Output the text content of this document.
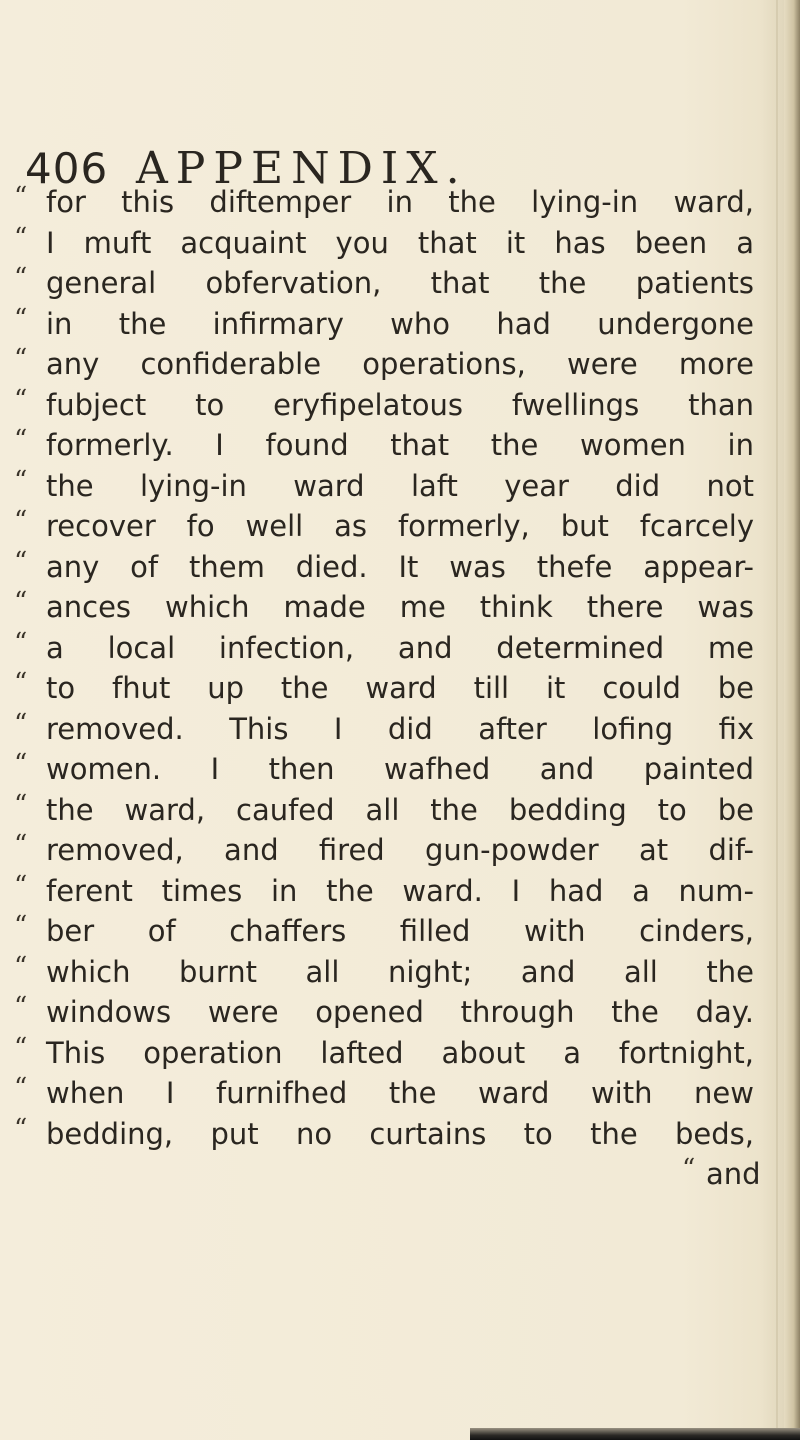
406 APPENDIX.
“ for this diftemper in the lying-in ward,
“ I muft acquaint you that it has been a
“ general obfervation, that the patients
“ in the infirmary who had undergone
“ any confiderable operations, were more
“ fubject to eryfipelatous fwellings than
“ formerly. I found that the women in
“ the lying-in ward laft year did not
“ recover fo well as formerly, but fcarcely
“ any of them died. It was thefe appear-
“ ances which made me think there was
“ a local infection, and determined me
“ to fhut up the ward till it could be
“ removed. This I did after lofing fix
“ women. I then wafhed and painted
“ the ward, caufed all the bedding to be
“ removed, and fired gun-powder at dif-
“ ferent times in the ward. I had a num-
“ ber of chaffers filled with cinders,
“ which burnt all night; and all the
“ windows were opened through the day.
“ This operation lafted about a fortnight,
“ when I furnifhed the ward with new
“ bedding, put no curtains to the beds,
“ and
